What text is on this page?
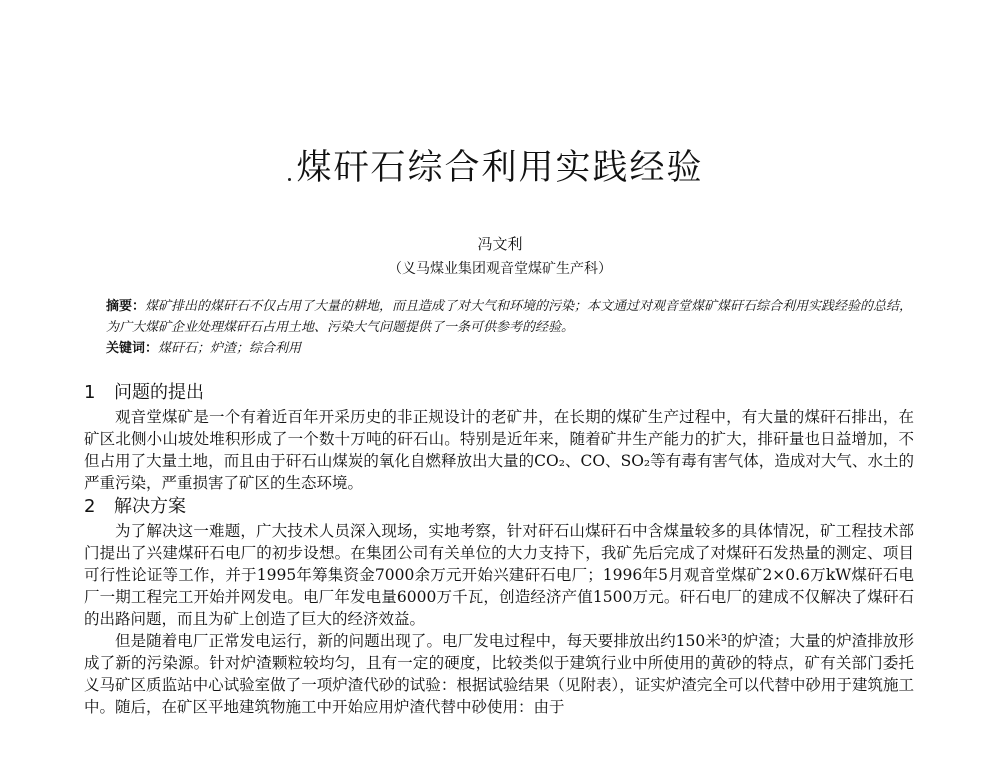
煤矸石综合利用实践经验
冯文利
（义马煤业集团观音堂煤矿生产科）

摘要：煤矿排出的煤矸石不仅占用了大量的耕地，而且造成了对大气和环境的污染；本文通过对观音堂煤矿煤矸石综合利用实践经验的总结，为广大煤矿企业处理煤矸石占用土地、污染大气问题提供了一条可供参考的经验。

关键词：煤矸石；炉渣；综合利用

1 问题的提出

观音堂煤矿是一个有着近百年开采历史的非正规设计的老矿井，在长期的煤矿生产过程中，有大量的煤矸石排出，在矿区北侧小山坡处堆积形成了一个数十万吨的矸石山。特别是近年来，随着矿井生产能力的扩大，排矸量也日益增加，不但占用了大量土地，而且由于矸石山煤炭的氧化自燃释放出大量的CO₂、CO、SO₂等有毒有害气体，造成对大气、水土的严重污染，严重损害了矿区的生态环境。

2 解决方案

为了解决这一难题，广大技术人员深入现场，实地考察，针对矸石山煤矸石中含煤量较多的具体情况，矿工程技术部门提出了兴建煤矸石电厂的初步设想。在集团公司有关单位的大力支持下，我矿先后完成了对煤矸石发热量的测定、项目可行性论证等工作，并于1995年筹集资金7000余万元开始兴建矸石电厂；1996年5月观音堂煤矿2×0.6万kW煤矸石电厂一期工程完工开始并网发电。电厂年发电量6000万千瓦，创造经济产值1500万元。矸石电厂的建成不仅解决了煤矸石的出路问题，而且为矿上创造了巨大的经济效益。

但是随着电厂正常发电运行，新的问题出现了。电厂发电过程中，每天要排放出约150米³的炉渣；大量的炉渣排放形成了新的污染源。针对炉渣颗粒较均匀，且有一定的硬度，比较类似于建筑行业中所使用的黄砂的特点，矿有关部门委托义马矿区质监站中心试验室做了一项炉渣代砂的试验：根据试验结果（见附表），证实炉渣完全可以代替中砂用于建筑施工中。随后，在矿区平地建筑物施工中开始应用炉渣代替中砂使用：由于
